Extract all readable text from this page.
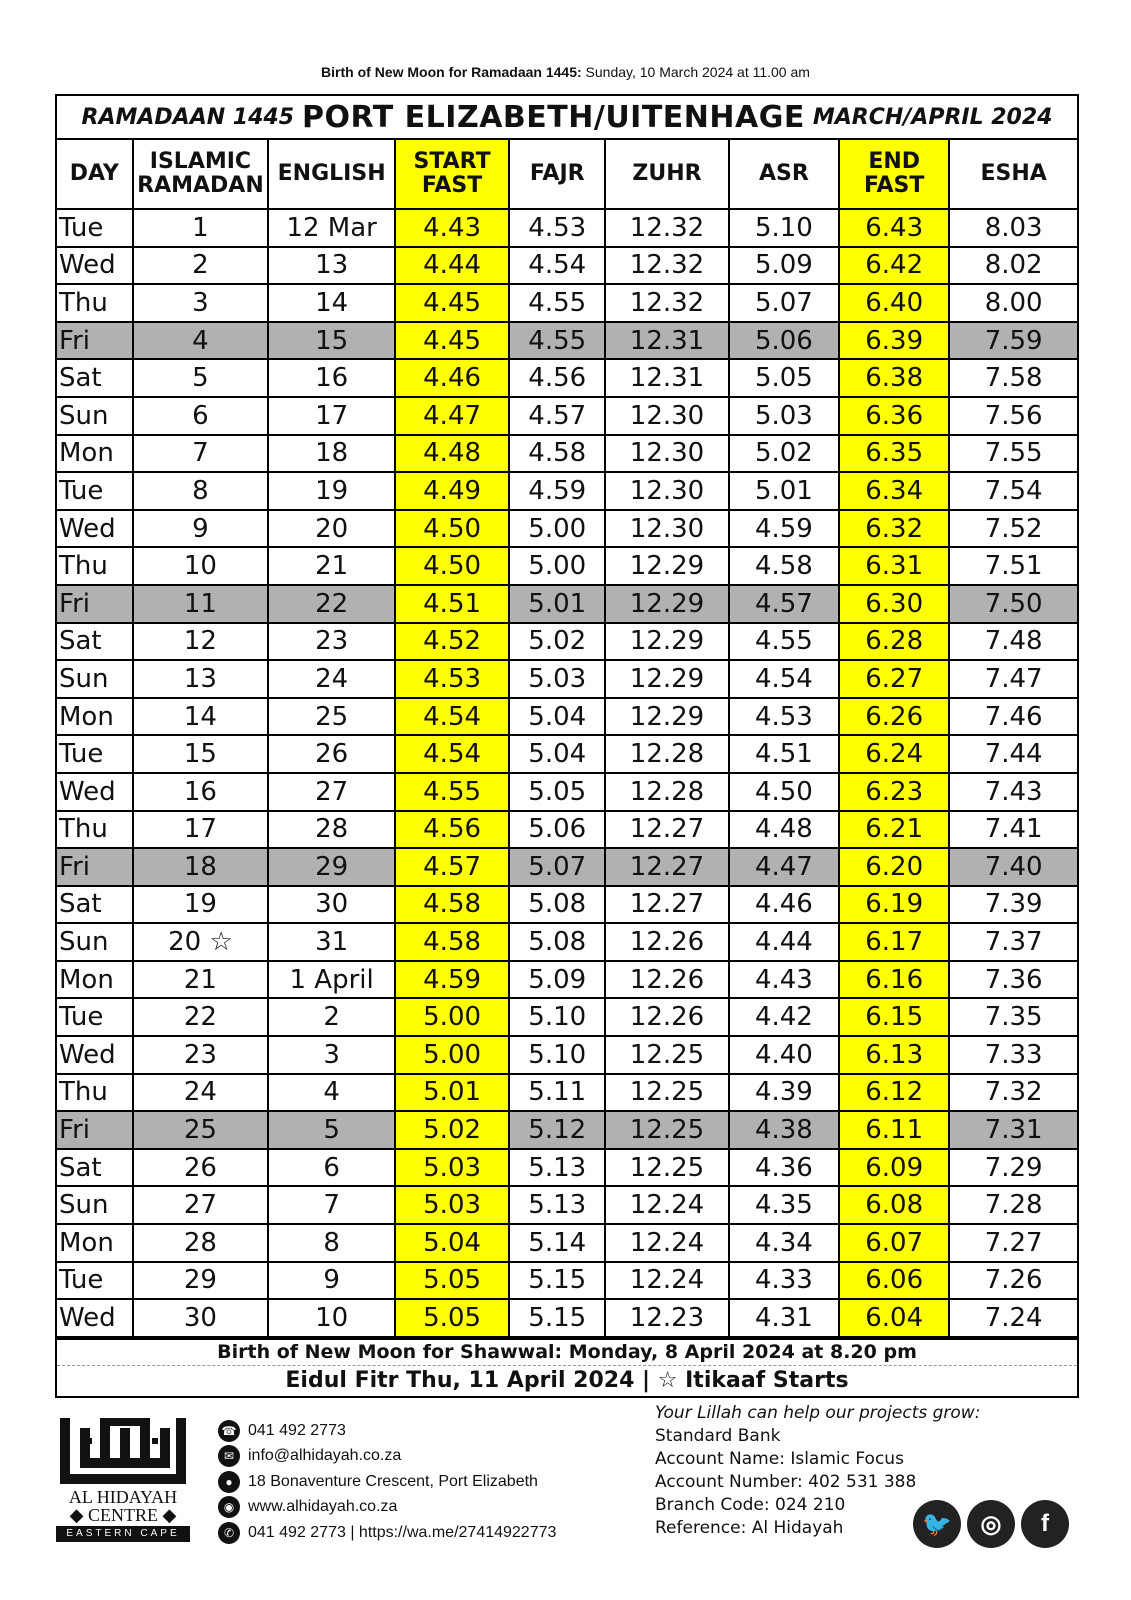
Birth of New Moon for Ramadaan 1445: Sunday, 10 March 2024 at 11.00 am
RAMADAAN 1445 PORT ELIZABETH/UITENHAGE MARCH/APRIL 2024
DAY	ISLAMIC RAMADAN	ENGLISH	START FAST	FAJR	ZUHR	ASR	END FAST	ESHA
Tue	1	12 Mar	4.43	4.53	12.32	5.10	6.43	8.03
Wed	2	13	4.44	4.54	12.32	5.09	6.42	8.02
Thu	3	14	4.45	4.55	12.32	5.07	6.40	8.00
Fri	4	15	4.45	4.55	12.31	5.06	6.39	7.59
Sat	5	16	4.46	4.56	12.31	5.05	6.38	7.58
Sun	6	17	4.47	4.57	12.30	5.03	6.36	7.56
Mon	7	18	4.48	4.58	12.30	5.02	6.35	7.55
Tue	8	19	4.49	4.59	12.30	5.01	6.34	7.54
Wed	9	20	4.50	5.00	12.30	4.59	6.32	7.52
Thu	10	21	4.50	5.00	12.29	4.58	6.31	7.51
Fri	11	22	4.51	5.01	12.29	4.57	6.30	7.50
Sat	12	23	4.52	5.02	12.29	4.55	6.28	7.48
Sun	13	24	4.53	5.03	12.29	4.54	6.27	7.47
Mon	14	25	4.54	5.04	12.29	4.53	6.26	7.46
Tue	15	26	4.54	5.04	12.28	4.51	6.24	7.44
Wed	16	27	4.55	5.05	12.28	4.50	6.23	7.43
Thu	17	28	4.56	5.06	12.27	4.48	6.21	7.41
Fri	18	29	4.57	5.07	12.27	4.47	6.20	7.40
Sat	19	30	4.58	5.08	12.27	4.46	6.19	7.39
Sun	20 ☆	31	4.58	5.08	12.26	4.44	6.17	7.37
Mon	21	1 April	4.59	5.09	12.26	4.43	6.16	7.36
Tue	22	2	5.00	5.10	12.26	4.42	6.15	7.35
Wed	23	3	5.00	5.10	12.25	4.40	6.13	7.33
Thu	24	4	5.01	5.11	12.25	4.39	6.12	7.32
Fri	25	5	5.02	5.12	12.25	4.38	6.11	7.31
Sat	26	6	5.03	5.13	12.25	4.36	6.09	7.29
Sun	27	7	5.03	5.13	12.24	4.35	6.08	7.28
Mon	28	8	5.04	5.14	12.24	4.34	6.07	7.27
Tue	29	9	5.05	5.15	12.24	4.33	6.06	7.26
Wed	30	10	5.05	5.15	12.23	4.31	6.04	7.24
Birth of New Moon for Shawwal: Monday, 8 April 2024 at 8.20 pm
Eidul Fitr Thu, 11 April 2024 | ☆ Itikaaf Starts
AL HIDAYAH
◆ CENTRE ◆
EASTERN CAPE
☎ 041 492 2773
✉ info@alhidayah.co.za
● 18 Bonaventure Crescent, Port Elizabeth
◉ www.alhidayah.co.za
✆ 041 492 2773 | https://wa.me/27414922773
Your Lillah can help our projects grow:
Standard Bank
Account Name: Islamic Focus
Account Number: 402 531 388
Branch Code: 024 210
Reference: Al Hidayah	🐦	◎	f
